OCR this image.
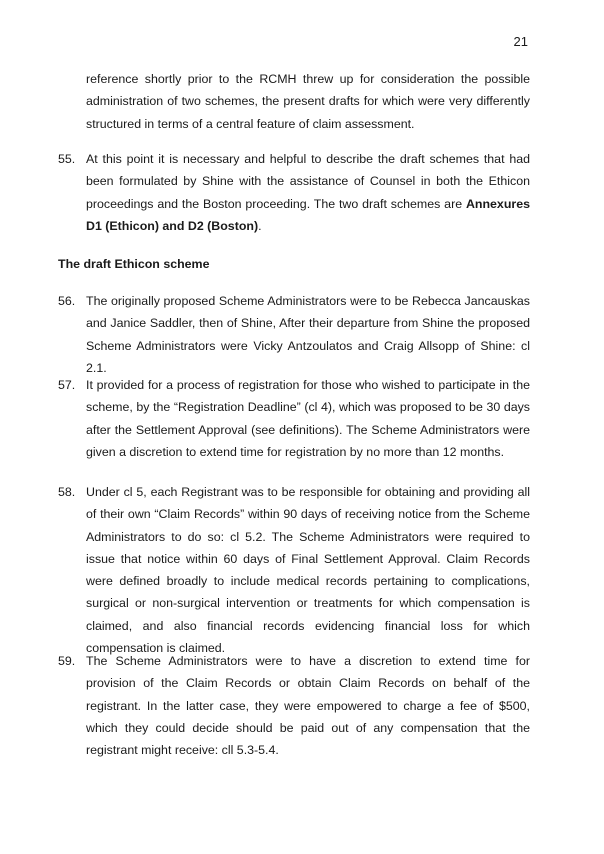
21
reference shortly prior to the RCMH threw up for consideration the possible administration of two schemes, the present drafts for which were very differently structured in terms of a central feature of claim assessment.
55. At this point it is necessary and helpful to describe the draft schemes that had been formulated by Shine with the assistance of Counsel in both the Ethicon proceedings and the Boston proceeding. The two draft schemes are Annexures D1 (Ethicon) and D2 (Boston).
The draft Ethicon scheme
56. The originally proposed Scheme Administrators were to be Rebecca Jancauskas and Janice Saddler, then of Shine, After their departure from Shine the proposed Scheme Administrators were Vicky Antzoulatos and Craig Allsopp of Shine: cl 2.1.
57. It provided for a process of registration for those who wished to participate in the scheme, by the “Registration Deadline” (cl 4), which was proposed to be 30 days after the Settlement Approval (see definitions). The Scheme Administrators were given a discretion to extend time for registration by no more than 12 months.
58. Under cl 5, each Registrant was to be responsible for obtaining and providing all of their own “Claim Records” within 90 days of receiving notice from the Scheme Administrators to do so: cl 5.2. The Scheme Administrators were required to issue that notice within 60 days of Final Settlement Approval. Claim Records were defined broadly to include medical records pertaining to complications, surgical or non-surgical intervention or treatments for which compensation is claimed, and also financial records evidencing financial loss for which compensation is claimed.
59. The Scheme Administrators were to have a discretion to extend time for provision of the Claim Records or obtain Claim Records on behalf of the registrant. In the latter case, they were empowered to charge a fee of $500, which they could decide should be paid out of any compensation that the registrant might receive: cll 5.3-5.4.
